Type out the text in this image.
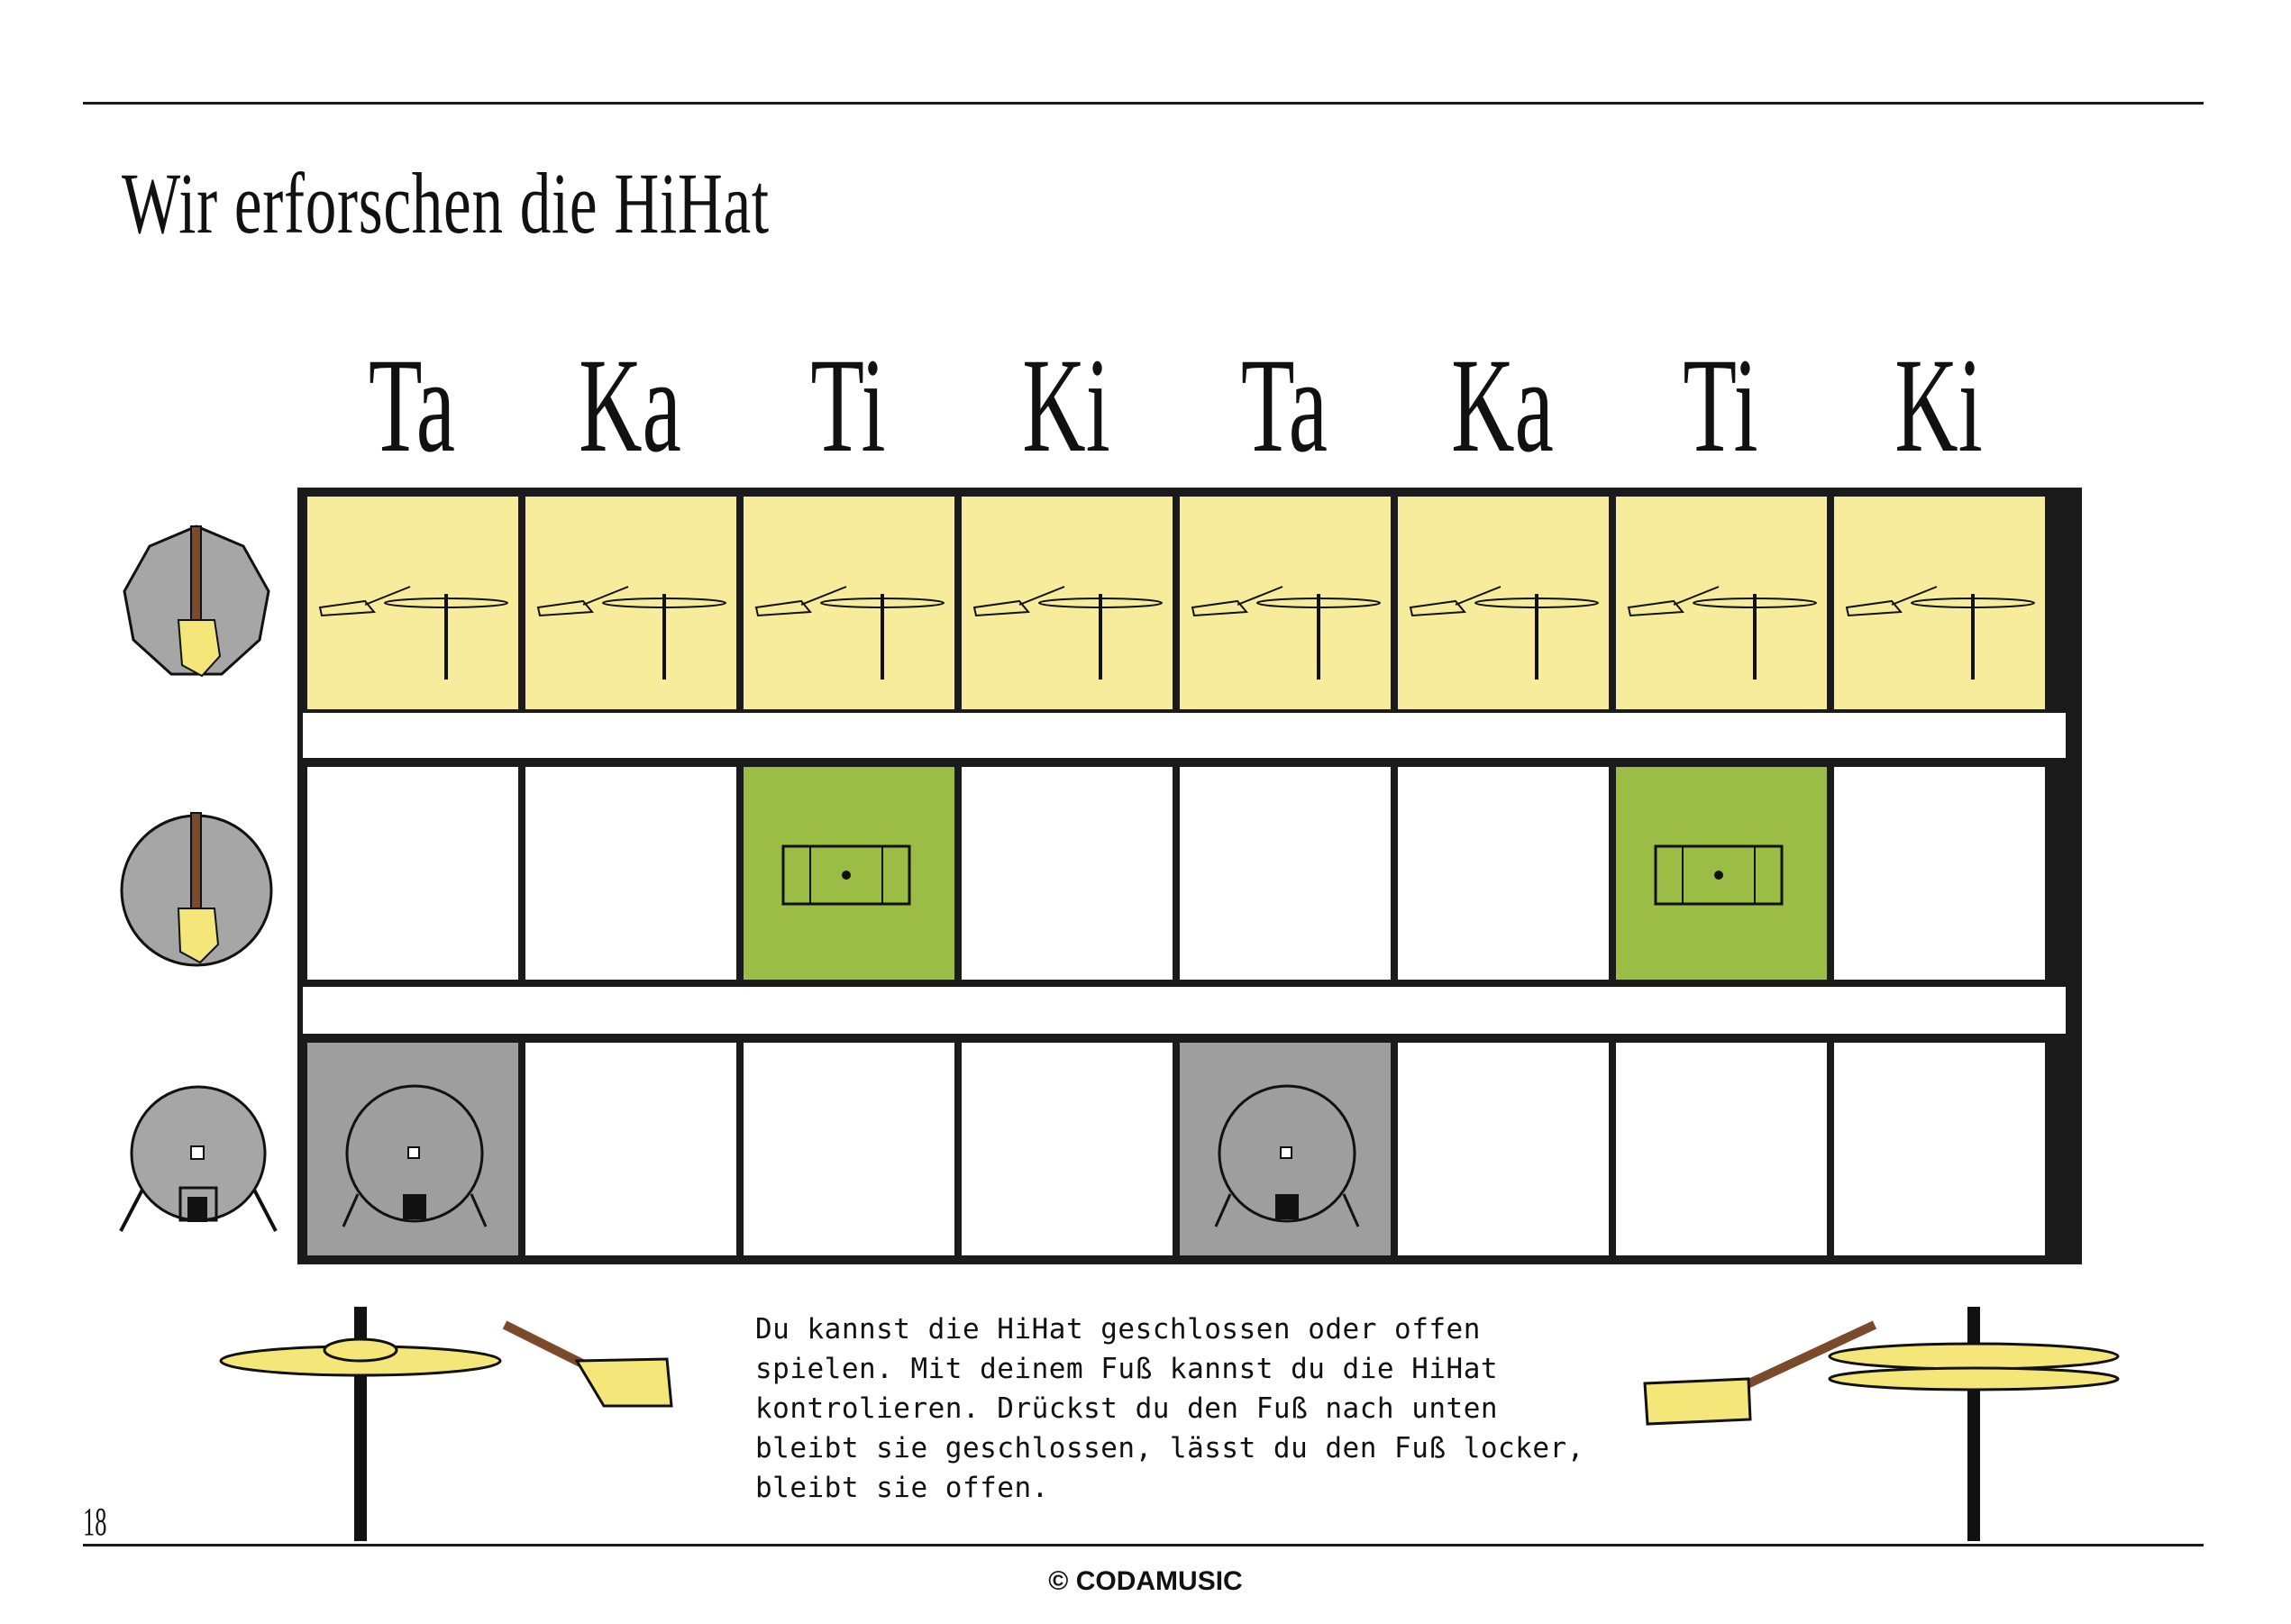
Wir erforschen die HiHat
Ta Ka Ti Ki Ta Ka Ti Ki
Du kannst die HiHat geschlossen oder offen
spielen. Mit deinem Fuß kannst du die HiHat
kontrolieren. Drückst du den Fuß nach unten
bleibt sie geschlossen, lässt du den Fuß locker,
bleibt sie offen.
18
© CODAMUSIC
